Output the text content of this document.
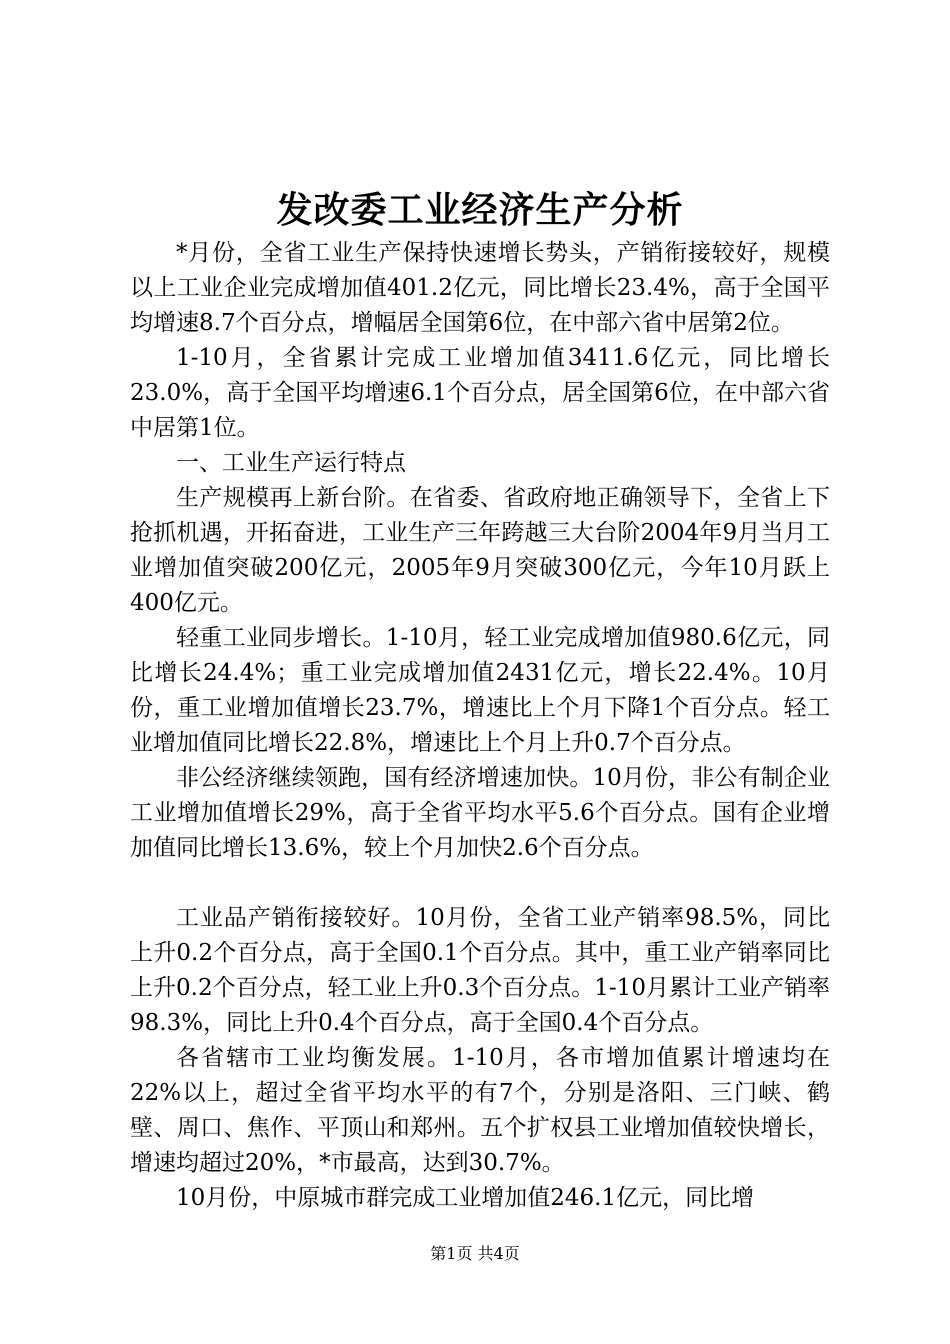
发改委工业经济生产分析

*月份，全省工业生产保持快速增长势头，产销衔接较好，规模以上工业企业完成增加值401.2亿元，同比增长23.4%，高于全国平均增速8.7个百分点，增幅居全国第6位，在中部六省中居第2位。

1-10月，全省累计完成工业增加值3411.6亿元，同比增长23.0%，高于全国平均增速6.1个百分点，居全国第6位，在中部六省中居第1位。

一、工业生产运行特点

生产规模再上新台阶。在省委、省政府地正确领导下，全省上下抢抓机遇，开拓奋进，工业生产三年跨越三大台阶2004年9月当月工业增加值突破200亿元，2005年9月突破300亿元，今年10月跃上400亿元。

轻重工业同步增长。1-10月，轻工业完成增加值980.6亿元，同比增长24.4%；重工业完成增加值2431亿元，增长22.4%。10月份，重工业增加值增长23.7%，增速比上个月下降1个百分点。轻工业增加值同比增长22.8%，增速比上个月上升0.7个百分点。

非公经济继续领跑，国有经济增速加快。10月份，非公有制企业工业增加值增长29%，高于全省平均水平5.6个百分点。国有企业增加值同比增长13.6%，较上个月加快2.6个百分点。

工业品产销衔接较好。10月份，全省工业产销率98.5%，同比上升0.2个百分点，高于全国0.1个百分点。其中，重工业产销率同比上升0.2个百分点，轻工业上升0.3个百分点。1-10月累计工业产销率98.3%，同比上升0.4个百分点，高于全国0.4个百分点。

各省辖市工业均衡发展。1-10月，各市增加值累计增速均在22%以上，超过全省平均水平的有7个，分别是洛阳、三门峡、鹤壁、周口、焦作、平顶山和郑州。五个扩权县工业增加值较快增长，增速均超过20%，*市最高，达到30.7%。

10月份，中原城市群完成工业增加值246.1亿元，同比增

第1页 共4页
